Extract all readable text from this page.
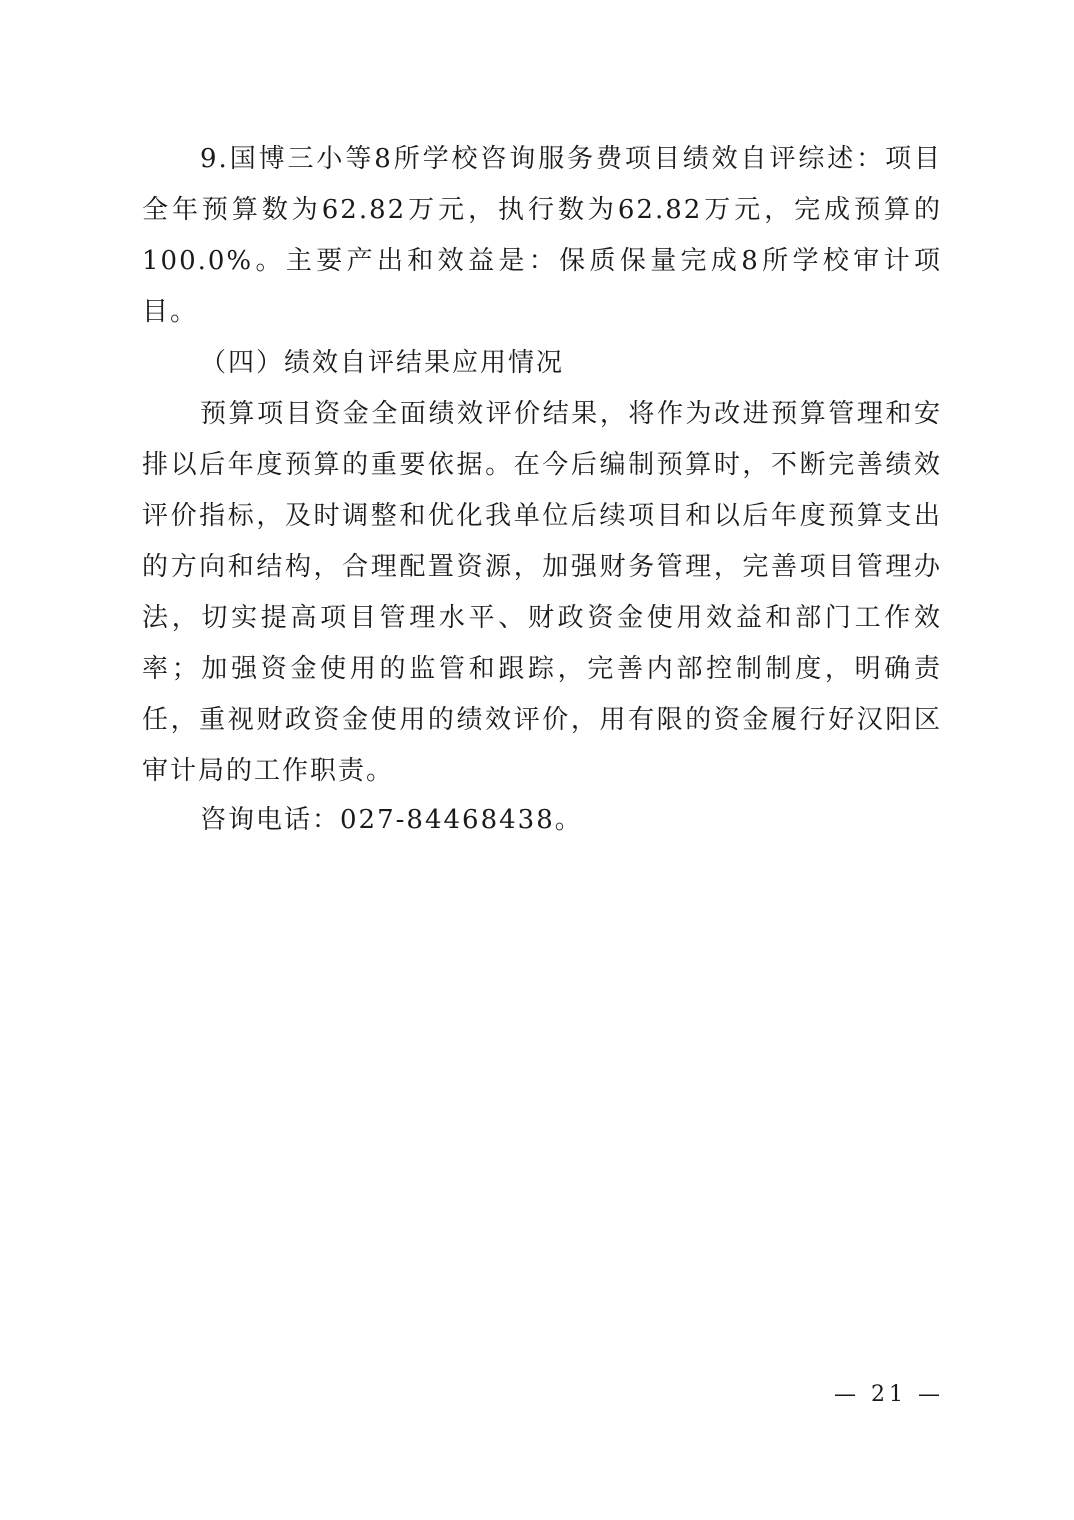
9.国博三小等8所学校咨询服务费项目绩效自评综述：项目全年预算数为62.82万元，执行数为62.82万元，完成预算的100.0%。主要产出和效益是：保质保量完成8所学校审计项目。

（四）绩效自评结果应用情况

预算项目资金全面绩效评价结果，将作为改进预算管理和安排以后年度预算的重要依据。在今后编制预算时，不断完善绩效评价指标，及时调整和优化我单位后续项目和以后年度预算支出的方向和结构，合理配置资源，加强财务管理，完善项目管理办法，切实提高项目管理水平、财政资金使用效益和部门工作效率；加强资金使用的监管和跟踪，完善内部控制制度，明确责任，重视财政资金使用的绩效评价，用有限的资金履行好汉阳区审计局的工作职责。

咨询电话：027-84468438。

— 21 —
